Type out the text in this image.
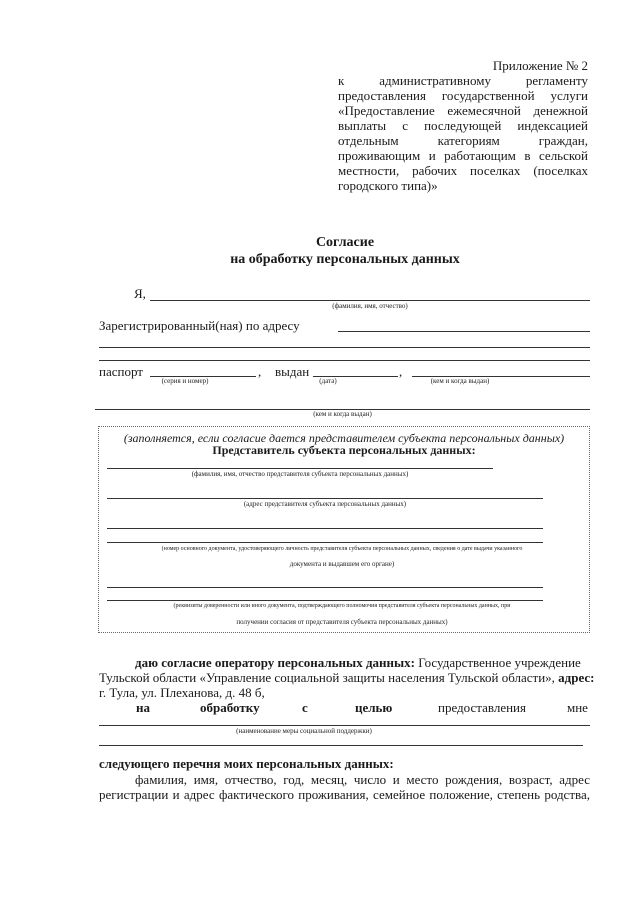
Приложение № 2
к административному регламенту
предоставления государственной услуги
«Предоставление ежемесячной денежной
выплаты с последующей индексацией
отдельным категориям граждан,
проживающим и работающим в сельской
местности, рабочих поселках (поселках
городского типа)»
Согласие
на обработку персональных данных
Я,
(фамилия, имя, отчество)
Зарегистрированный(ная) по адресу
паспорт
(серия и номер)
, выдан
(дата)
,
(кем и когда выдан)
(кем и когда выдан)
(заполняется, если согласие дается представителем субъекта персональных данных)
Представитель субъекта персональных данных:
(фамилия, имя, отчество представителя субъекта персональных данных)
(адрес представителя субъекта персональных данных)
(номер основного документа, удостоверяющего личность представителя субъекта персональных данных, сведения о дате выдачи указанного
документа и выдавшем его органе)
(реквизиты доверенности или иного документа, подтверждающего полномочия представителя субъекта персональных данных, при
получении согласия от представителя субъекта персональных данных)
даю согласие оператору персональных данных: Государственное учреждение
Тульской области «Управление социальной защиты населения Тульской области», адрес:
г. Тула, ул. Плеханова, д. 48 б,
на	обработку	с	целью	предоставления	мне
(наименование меры социальной поддержки)
следующего перечня моих персональных данных:
фамилия, имя, отчество, год, месяц, число и место рождения, возраст, адрес
регистрации и адрес фактического проживания, семейное положение, степень родства,
